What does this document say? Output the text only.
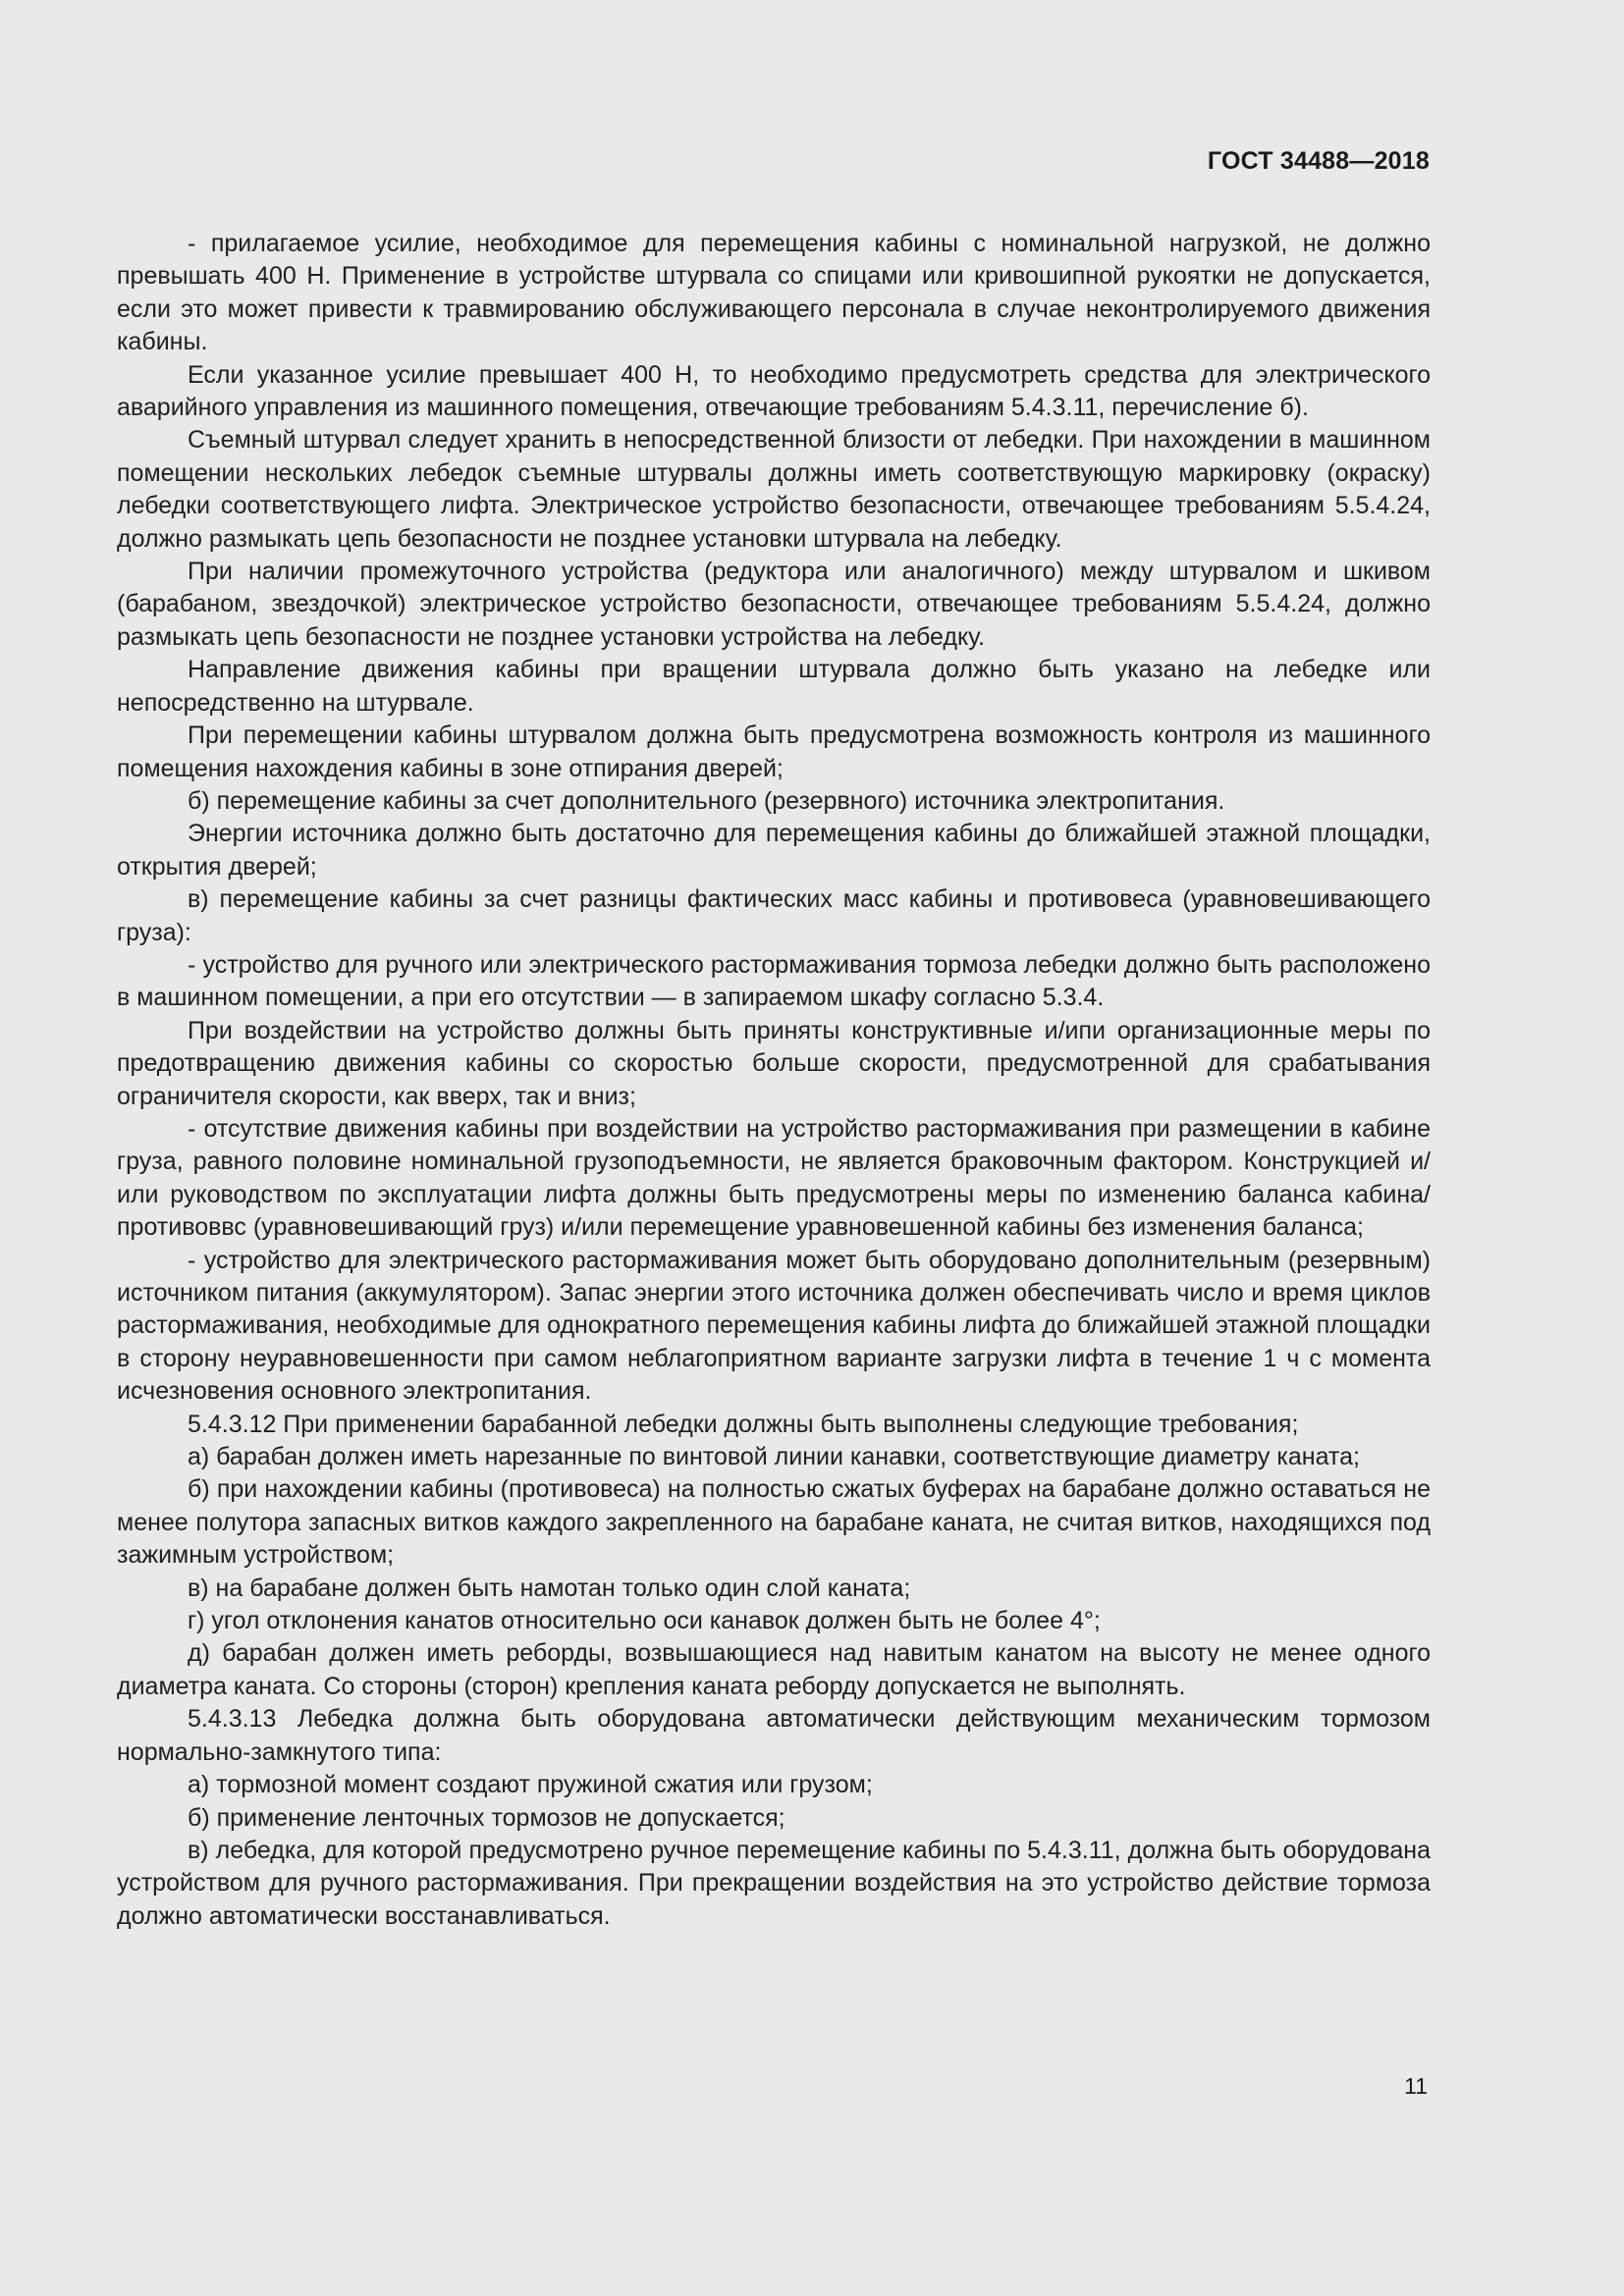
ГОСТ 34488—2018

- прилагаемое усилие, необходимое для перемещения кабины с номинальной нагрузкой, не должно превышать 400 Н. Применение в устройстве штурвала со спицами или кривошипной рукоятки не допускается, если это может привести к травмированию обслуживающего персонала в случае неконтролируемого движения кабины.

Если указанное усилие превышает 400 Н, то необходимо предусмотреть средства для электрического аварийного управления из машинного помещения, отвечающие требованиям 5.4.3.11, перечисление б).

Съемный штурвал следует хранить в непосредственной близости от лебедки. При нахождении в машинном помещении нескольких лебедок съемные штурвалы должны иметь соответствующую маркировку (окраску) лебедки соответствующего лифта. Электрическое устройство безопасности, отвечающее требованиям 5.5.4.24, должно размыкать цепь безопасности не позднее установки штурвала на лебедку.

При наличии промежуточного устройства (редуктора или аналогичного) между штурвалом и шкивом (барабаном, звездочкой) электрическое устройство безопасности, отвечающее требованиям 5.5.4.24, должно размыкать цепь безопасности не позднее установки устройства на лебедку.

Направление движения кабины при вращении штурвала должно быть указано на лебедке или непосредственно на штурвале.

При перемещении кабины штурвалом должна быть предусмотрена возможность контроля из машинного помещения нахождения кабины в зоне отпирания дверей;

б) перемещение кабины за счет дополнительного (резервного) источника электропитания.

Энергии источника должно быть достаточно для перемещения кабины до ближайшей этажной площадки, открытия дверей;

в) перемещение кабины за счет разницы фактических масс кабины и противовеса (уравновешивающего груза):

- устройство для ручного или электрического растормаживания тормоза лебедки должно быть расположено в машинном помещении, а при его отсутствии — в запираемом шкафу согласно 5.3.4.

При воздействии на устройство должны быть приняты конструктивные и/ипи организационные меры по предотвращению движения кабины со скоростью больше скорости, предусмотренной для срабатывания ограничителя скорости, как вверх, так и вниз;

- отсутствие движения кабины при воздействии на устройство растормаживания при размещении в кабине груза, равного половине номинальной грузоподъемности, не является браковочным фактором. Конструкцией и/или руководством по эксплуатации лифта должны быть предусмотрены меры по изменению баланса кабина/противоввс (уравновешивающий груз) и/или перемещение уравновешенной кабины без изменения баланса;

- устройство для электрического растормаживания может быть оборудовано дополнительным (резервным) источником питания (аккумулятором). Запас энергии этого источника должен обеспечивать число и время циклов растормаживания, необходимые для однократного перемещения кабины лифта до ближайшей этажной площадки в сторону неуравновешенности при самом неблагоприятном варианте загрузки лифта в течение 1 ч с момента исчезновения основного электропитания.

5.4.3.12 При применении барабанной лебедки должны быть выполнены следующие требования;

а) барабан должен иметь нарезанные по винтовой линии канавки, соответствующие диаметру каната;

б) при нахождении кабины (противовеса) на полностью сжатых буферах на барабане должно оставаться не менее полутора запасных витков каждого закрепленного на барабане каната, не считая витков, находящихся под зажимным устройством;

в) на барабане должен быть намотан только один слой каната;

г) угол отклонения канатов относительно оси канавок должен быть не более 4°;

д) барабан должен иметь реборды, возвышающиеся над навитым канатом на высоту не менее одного диаметра каната. Со стороны (сторон) крепления каната реборду допускается не выполнять.

5.4.3.13 Лебедка должна быть оборудована автоматически действующим механическим тормозом нормально-замкнутого типа:

а) тормозной момент создают пружиной сжатия или грузом;

б) применение ленточных тормозов не допускается;

в) лебедка, для которой предусмотрено ручное перемещение кабины по 5.4.3.11, должна быть оборудована устройством для ручного растормаживания. При прекращении воздействия на это устройство действие тормоза должно автоматически восстанавливаться.

11
